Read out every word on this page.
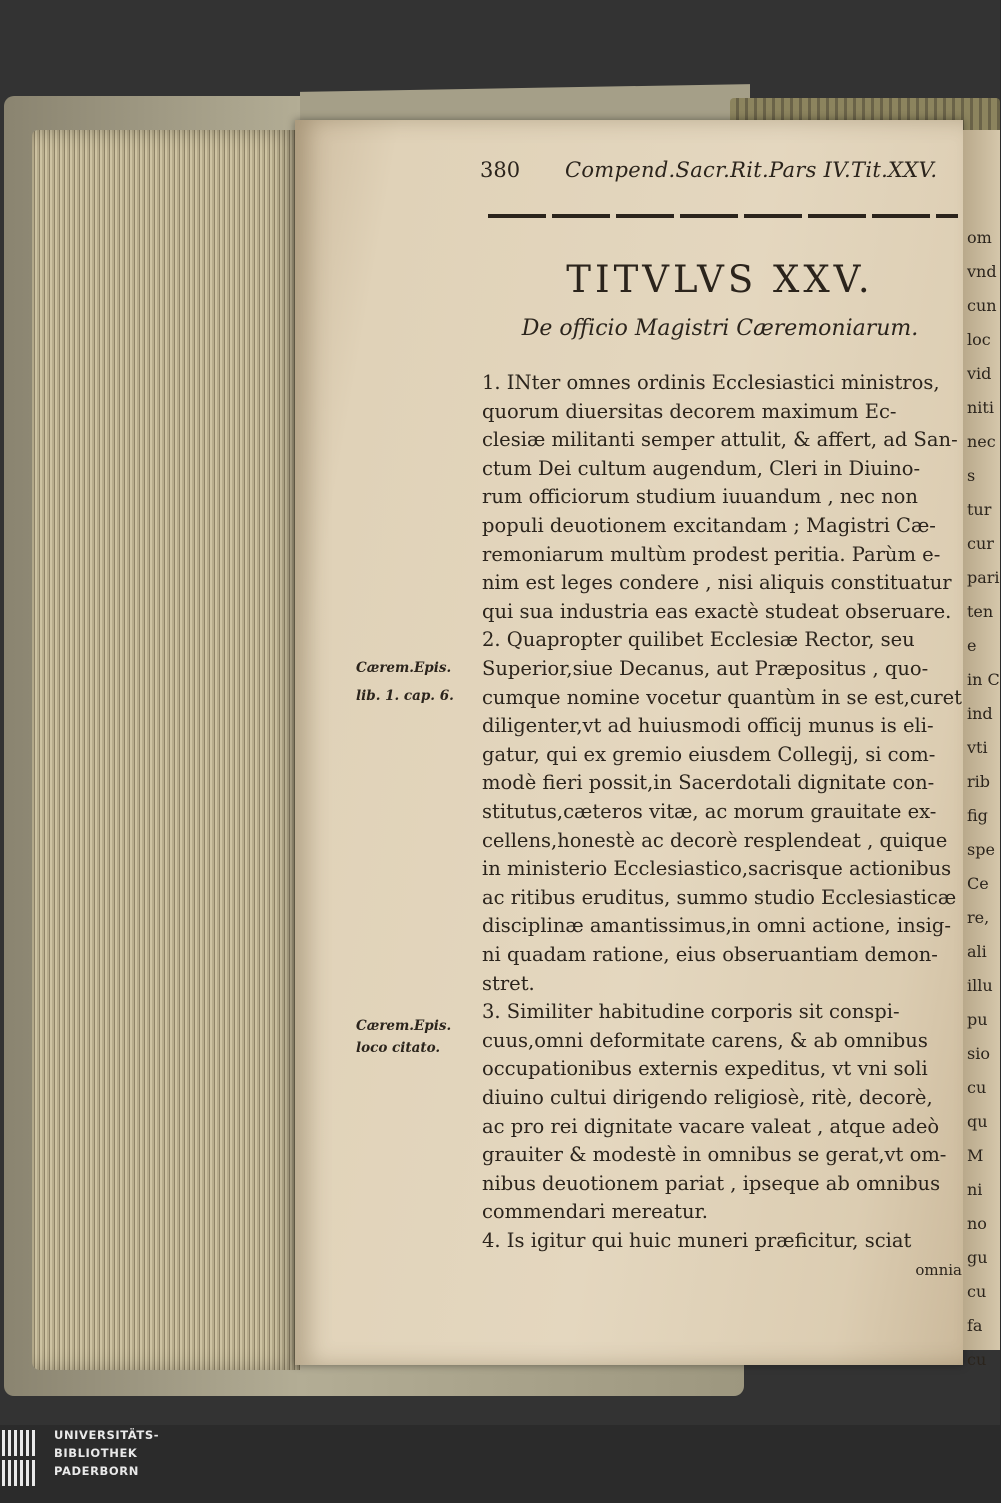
om
vnd
cun
loc
vid
niti
nec
s
tur
cur
pari
ten
e
in C
ind
vti
rib
fig
spe
Ce
re,
ali
illu
pu
sio
cu
qu
M
ni
no
gu
cu
fa
cu
380 Compend.Sacr.Rit.Pars IV.Tit.XXV.
TITVLVS XXV.
De officio Magistri Cæremoniarum.
1. INter omnes ordinis Ecclesiastici ministros,
quorum diuersitas decorem maximum Ec-
clesiæ militanti semper attulit, & affert, ad San-
ctum Dei cultum augendum, Cleri in Diuino-
rum officiorum studium iuuandum , nec non
populi deuotionem excitandam ; Magistri Cæ-
remoniarum multùm prodest peritia. Parùm e-
nim est leges condere , nisi aliquis constituatur
qui sua industria eas exactè studeat obseruare.
2. Quapropter quilibet Ecclesiæ Rector, seu
Superior,siue Decanus, aut Præpositus , quo-
cumque nomine vocetur quantùm in se est,curet
diligenter,vt ad huiusmodi officij munus is eli-
gatur, qui ex gremio eiusdem Collegij, si com-
modè fieri possit,in Sacerdotali dignitate con-
stitutus,cæteros vitæ, ac morum grauitate ex-
cellens,honestè ac decorè resplendeat , quique
in ministerio Ecclesiastico,sacrisque actionibus
ac ritibus eruditus, summo studio Ecclesiasticæ
disciplinæ amantissimus,in omni actione, insig-
ni quadam ratione, eius obseruantiam demon-
stret.
3. Similiter habitudine corporis sit conspi-
cuus,omni deformitate carens, & ab omnibus
occupationibus externis expeditus, vt vni soli
diuino cultui dirigendo religiosè, ritè, decorè,
ac pro rei dignitate vacare valeat , atque adeò
grauiter & modestè in omnibus se gerat,vt om-
nibus deuotionem pariat , ipseque ab omnibus
commendari mereatur.
4. Is igitur qui huic muneri præficitur, sciat
omnia
Cærem.Epis.
lib. 1. cap. 6.
Cærem.Epis.
loco citato.
UNIVERSITÄTS-
BIBLIOTHEK
PADERBORN
